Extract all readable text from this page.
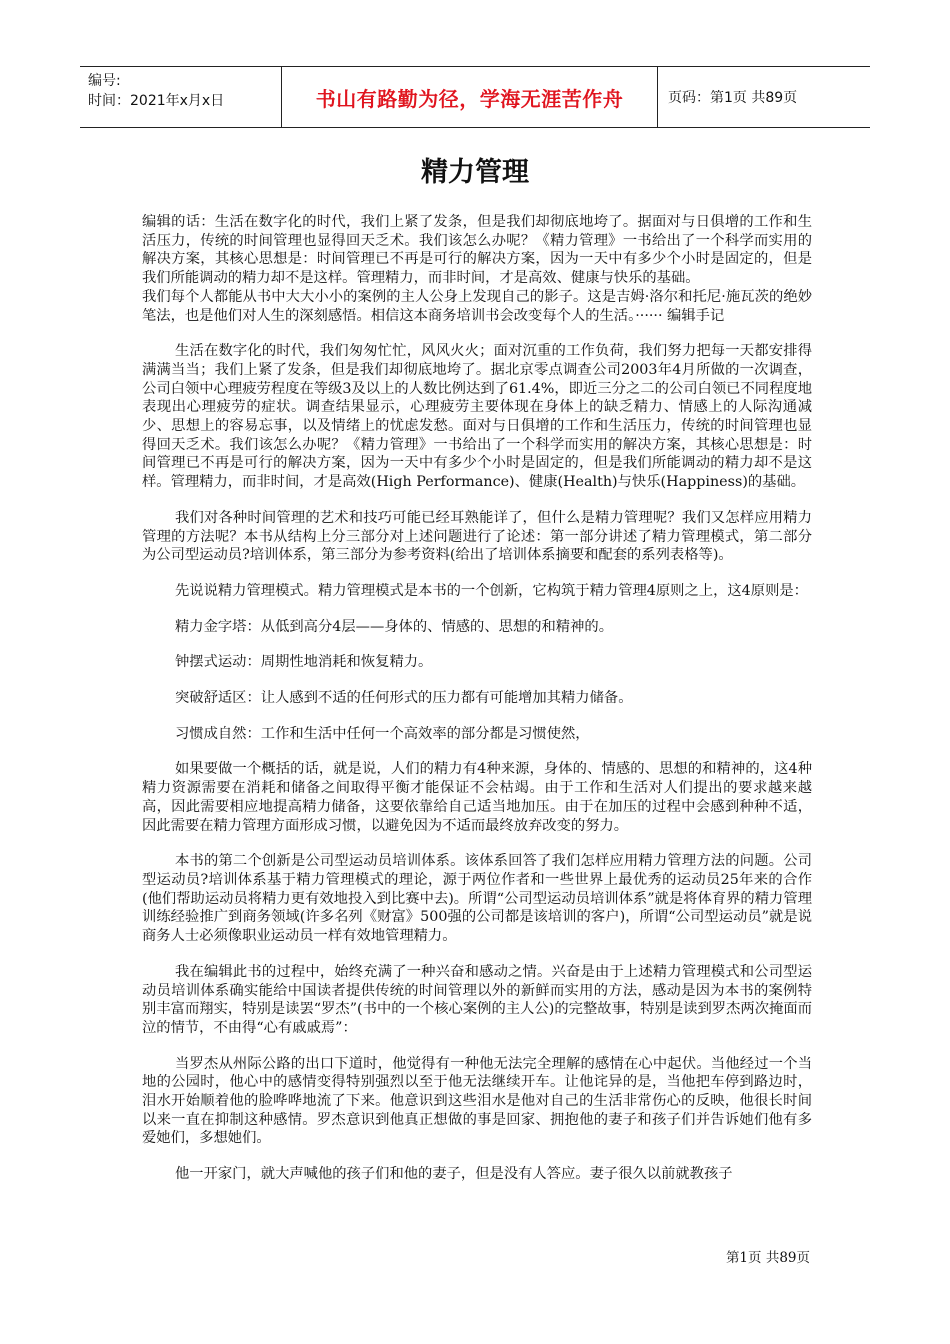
编号:
时间：2021年x月x日	书山有路勤为径，学海无涯苦作舟	页码：第1页 共89页
精力管理

编辑的话：生活在数字化的时代，我们上紧了发条，但是我们却彻底地垮了。据面对与日俱增的工作和生活压力，传统的时间管理也显得回天乏术。我们该怎么办呢？《精力管理》一书给出了一个科学而实用的解决方案，其核心思想是：时间管理已不再是可行的解决方案，因为一天中有多少个小时是固定的，但是我们所能调动的精力却不是这样。管理精力，而非时间，才是高效、健康与快乐的基础。

我们每个人都能从书中大大小小的案例的主人公身上发现自己的影子。这是吉姆·洛尔和托尼·施瓦茨的绝妙笔法，也是他们对人生的深刻感悟。相信这本商务培训书会改变每个人的生活。······ 编辑手记

生活在数字化的时代，我们匆匆忙忙，风风火火；面对沉重的工作负荷，我们努力把每一天都安排得满满当当；我们上紧了发条，但是我们却彻底地垮了。据北京零点调查公司2003年4月所做的一次调查，公司白领中心理疲劳程度在等级3及以上的人数比例达到了61.4%，即近三分之二的公司白领已不同程度地表现出心理疲劳的症状。调查结果显示，心理疲劳主要体现在身体上的缺乏精力、情感上的人际沟通减少、思想上的容易忘事，以及情绪上的忧虑发愁。面对与日俱增的工作和生活压力，传统的时间管理也显得回天乏术。我们该怎么办呢？《精力管理》一书给出了一个科学而实用的解决方案，其核心思想是：时间管理已不再是可行的解决方案，因为一天中有多少个小时是固定的，但是我们所能调动的精力却不是这样。管理精力，而非时间，才是高效(High Performance)、健康(Health)与快乐(Happiness)的基础。

我们对各种时间管理的艺术和技巧可能已经耳熟能详了，但什么是精力管理呢？我们又怎样应用精力管理的方法呢？本书从结构上分三部分对上述问题进行了论述：第一部分讲述了精力管理模式，第二部分为公司型运动员?培训体系，第三部分为参考资料(给出了培训体系摘要和配套的系列表格等)。

先说说精力管理模式。精力管理模式是本书的一个创新，它构筑于精力管理4原则之上，这4原则是：

精力金字塔：从低到高分4层——身体的、情感的、思想的和精神的。

钟摆式运动：周期性地消耗和恢复精力。

突破舒适区：让人感到不适的任何形式的压力都有可能增加其精力储备。

习惯成自然：工作和生活中任何一个高效率的部分都是习惯使然，

如果要做一个概括的话，就是说，人们的精力有4种来源，身体的、情感的、思想的和精神的，这4种精力资源需要在消耗和储备之间取得平衡才能保证不会枯竭。由于工作和生活对人们提出的要求越来越高，因此需要相应地提高精力储备，这要依靠给自己适当地加压。由于在加压的过程中会感到种种不适，因此需要在精力管理方面形成习惯，以避免因为不适而最终放弃改变的努力。

本书的第二个创新是公司型运动员培训体系。该体系回答了我们怎样应用精力管理方法的问题。公司型运动员?培训体系基于精力管理模式的理论，源于两位作者和一些世界上最优秀的运动员25年来的合作(他们帮助运动员将精力更有效地投入到比赛中去)。所谓“公司型运动员培训体系”就是将体育界的精力管理训练经验推广到商务领域(许多名列《财富》500强的公司都是该培训的客户)，所谓“公司型运动员”就是说商务人士必须像职业运动员一样有效地管理精力。

我在编辑此书的过程中，始终充满了一种兴奋和感动之情。兴奋是由于上述精力管理模式和公司型运动员培训体系确实能给中国读者提供传统的时间管理以外的新鲜而实用的方法，感动是因为本书的案例特别丰富而翔实，特别是读罢“罗杰”(书中的一个核心案例的主人公)的完整故事，特别是读到罗杰两次掩面而泣的情节，不由得“心有戚戚焉”：

当罗杰从州际公路的出口下道时，他觉得有一种他无法完全理解的感情在心中起伏。当他经过一个当地的公园时，他心中的感情变得特别强烈以至于他无法继续开车。让他诧异的是，当他把车停到路边时，泪水开始顺着他的脸哗哗地流了下来。他意识到这些泪水是他对自己的生活非常伤心的反映，他很长时间以来一直在抑制这种感情。罗杰意识到他真正想做的事是回家、拥抱他的妻子和孩子们并告诉她们他有多爱她们，多想她们。

他一开家门，就大声喊他的孩子们和他的妻子，但是没有人答应。妻子很久以前就教孩子

第1页 共89页
